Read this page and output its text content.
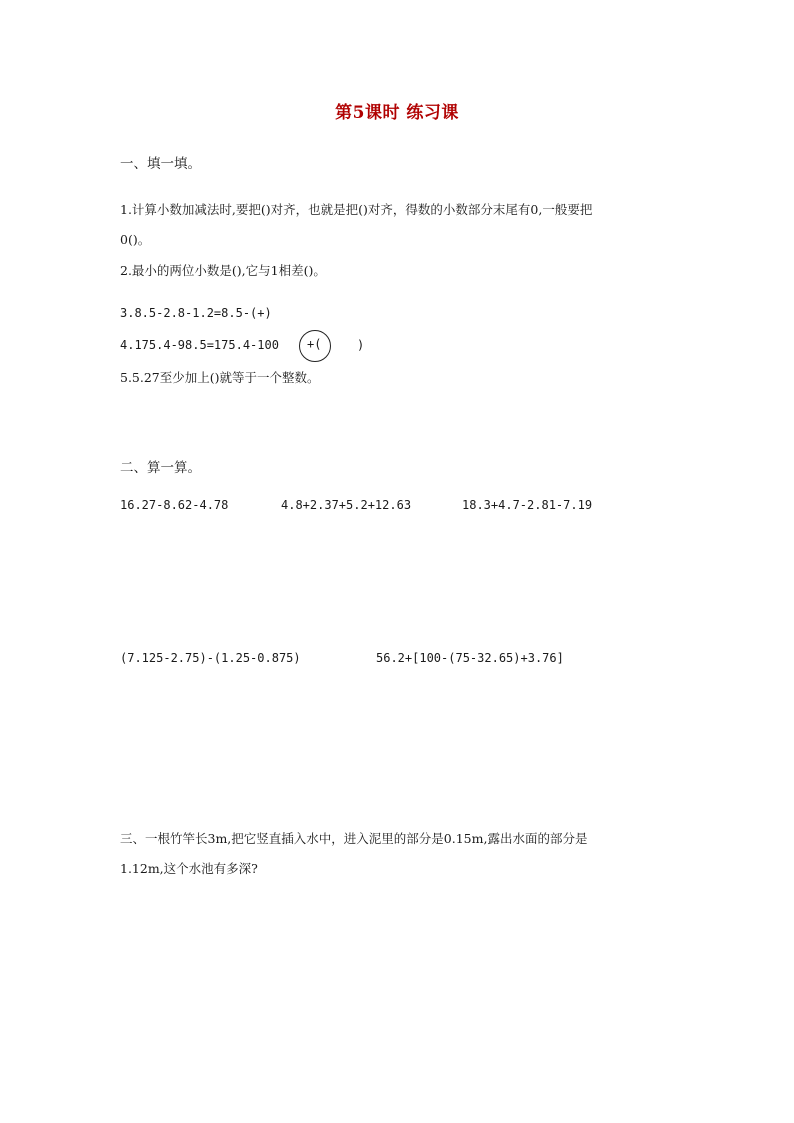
第5课时 练习课
一、填一填。
1.计算小数加减法时,要把()对齐，也就是把()对齐，得数的小数部分末尾有0,一般要把
0()。
2.最小的两位小数是(),它与1相差()。
3.8.5-2.8-1.2=8.5-(+)
4.175.4-98.5=175.4-100 +(	)
5.5.27至少加上()就等于一个整数。
二、算一算。
16.27-8.62-4.78	4.8+2.37+5.2+12.63	18.3+4.7-2.81-7.19
(7.125-2.75)-(1.25-0.875)	56.2+[100-(75-32.65)+3.76]
三、一根竹竿长3m,把它竖直插入水中，进入泥里的部分是0.15m,露出水面的部分是
1.12m,这个水池有多深?
